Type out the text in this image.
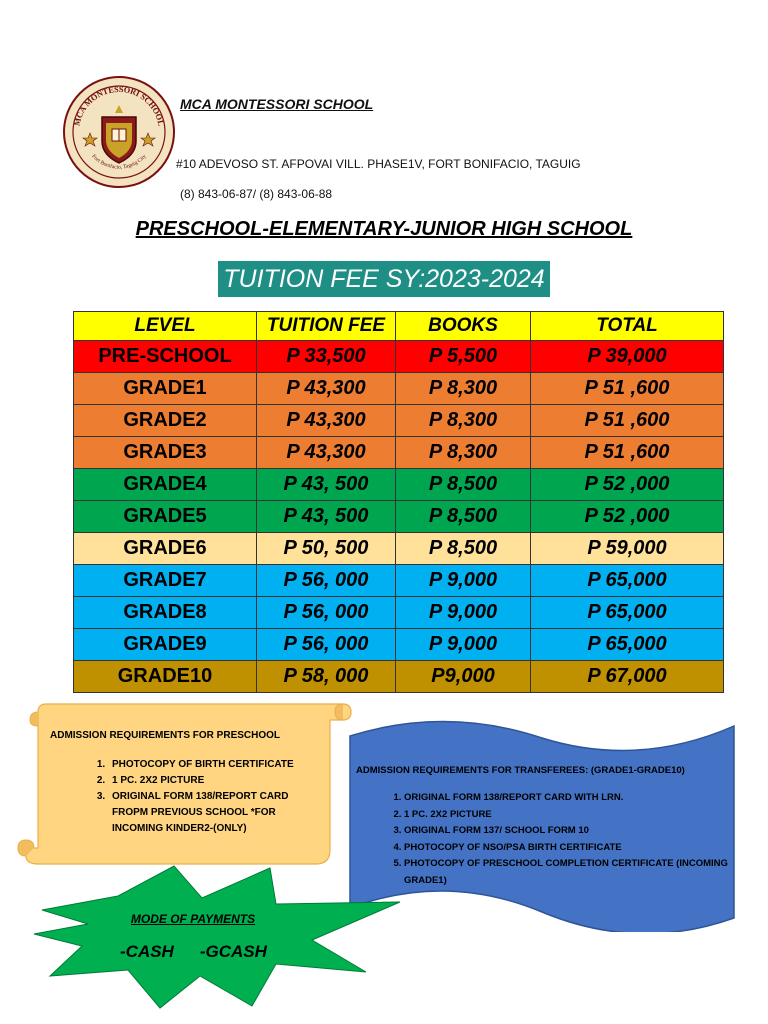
MCA MONTESSORI SCHOOL
Fort Bonifacio, Taguig City
MCA MONTESSORI SCHOOL
#10 ADEVOSO ST. AFPOVAI VILL. PHASE1V, FORT BONIFACIO, TAGUIG
(8) 843-06-87/ (8) 843-06-88
PRESCHOOL-ELEMENTARY-JUNIOR HIGH SCHOOL
TUITION FEE SY:2023-2024
LEVEL	TUITION FEE	BOOKS	TOTAL
PRE-SCHOOL	P 33,500	P 5,500	P 39,000
GRADE1	P 43,300	P 8,300	P 51 ,600
GRADE2	P 43,300	P 8,300	P 51 ,600
GRADE3	P 43,300	P 8,300	P 51 ,600
GRADE4	P 43, 500	P 8,500	P 52 ,000
GRADE5	P 43, 500	P 8,500	P 52 ,000
GRADE6	P 50, 500	P 8,500	P 59,000
GRADE7	P 56, 000	P 9,000	P 65,000
GRADE8	P 56, 000	P 9,000	P 65,000
GRADE9	P 56, 000	P 9,000	P 65,000
GRADE10	P 58, 000	P9,000	P 67,000
ADMISSION REQUIREMENTS FOR PRESCHOOL
1. PHOTOCOPY OF BIRTH CERTIFICATE
2. 1 PC. 2X2 PICTURE
3. ORIGINAL FORM 138/REPORT CARD FROPM PREVIOUS SCHOOL *FOR INCOMING KINDER2-(ONLY)
ADMISSION REQUIREMENTS FOR TRANSFEREES: (GRADE1-GRADE10)
1. ORIGINAL FORM 138/REPORT CARD WITH LRN.
2. 1 PC. 2X2 PICTURE
3. ORIGINAL FORM 137/ SCHOOL FORM 10
4. PHOTOCOPY OF NSO/PSA BIRTH CERTIFICATE
5. PHOTOCOPY OF PRESCHOOL COMPLETION CERTIFICATE (INCOMING GRADE1)
MODE OF PAYMENTS
-CASH -GCASH
